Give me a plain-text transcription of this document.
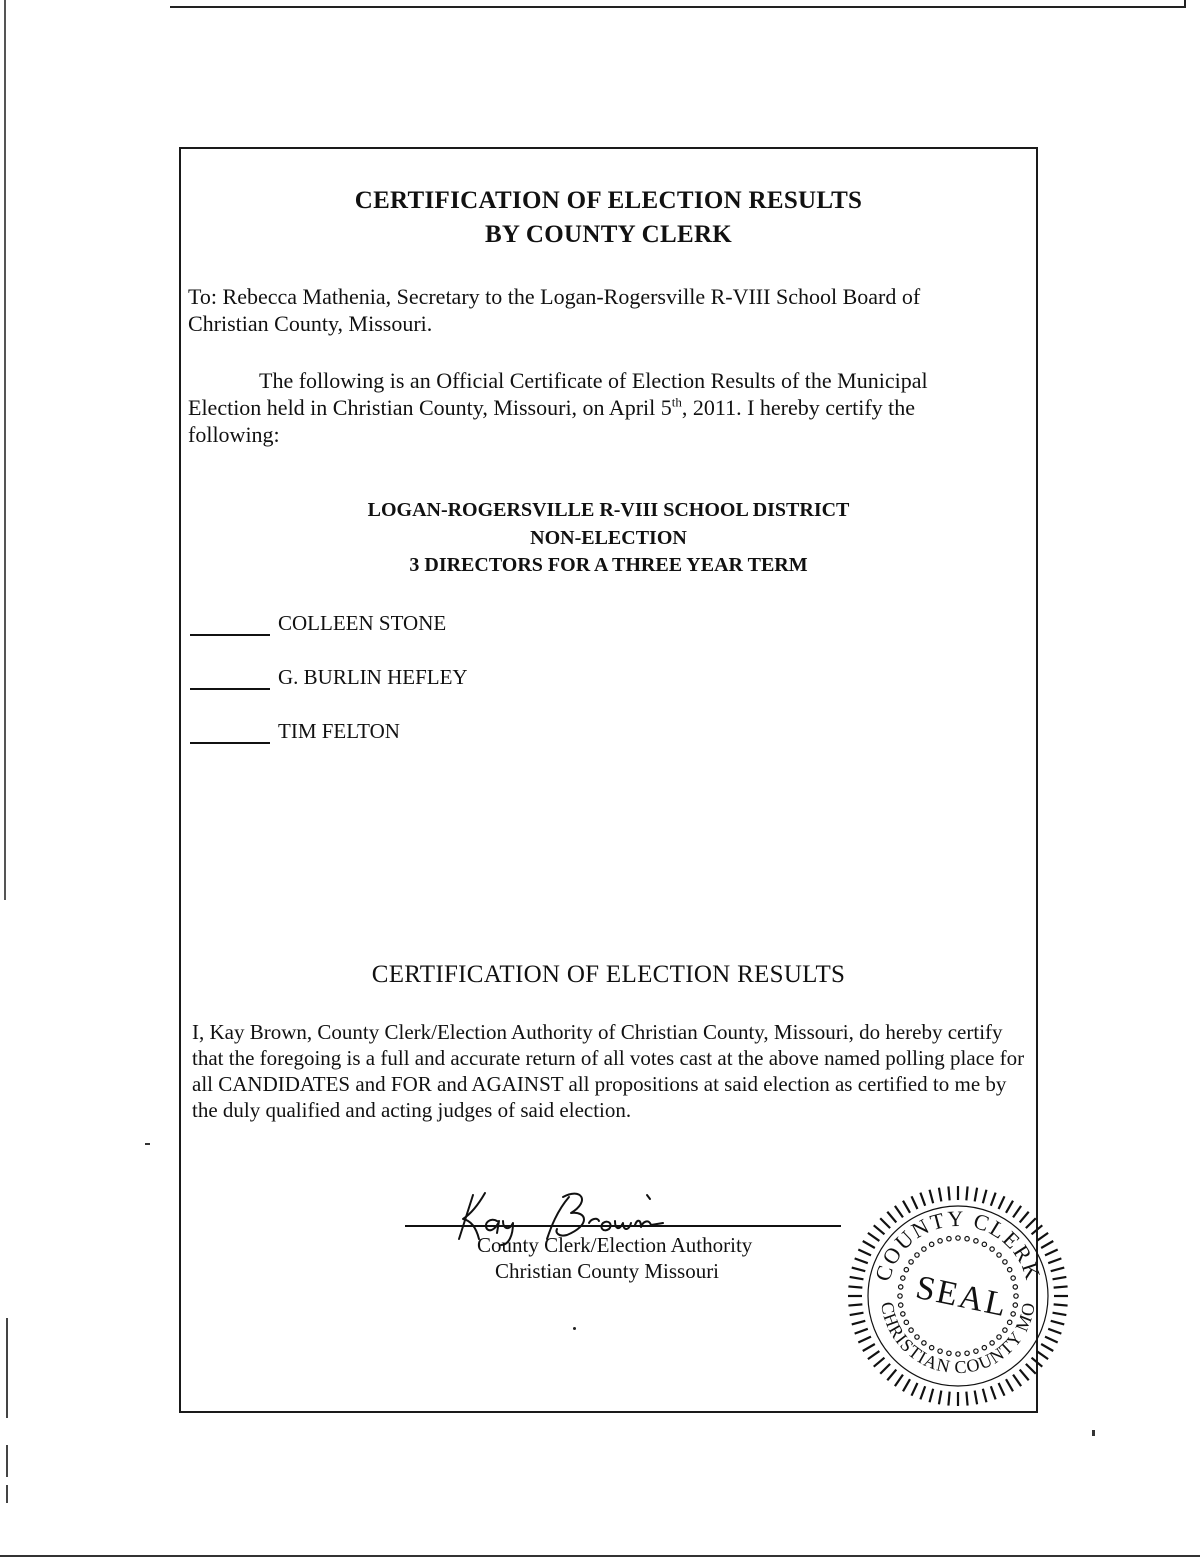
CERTIFICATION OF ELECTION RESULTS
BY COUNTY CLERK
To: Rebecca Mathenia, Secretary to the Logan-Rogersville R-VIII School Board of Christian County, Missouri.
The following is an Official Certificate of Election Results of the Municipal Election held in Christian County, Missouri, on April 5th, 2011. I hereby certify the following:
LOGAN-ROGERSVILLE R-VIII SCHOOL DISTRICT
NON-ELECTION
3 DIRECTORS FOR A THREE YEAR TERM
COLLEEN STONE
G. BURLIN HEFLEY
TIM FELTON
CERTIFICATION OF ELECTION RESULTS
I, Kay Brown, County Clerk/Election Authority of Christian County, Missouri, do hereby certify that the foregoing is a full and accurate return of all votes cast at the above named polling place for all CANDIDATES and FOR and AGAINST all propositions at said election as certified to me by the duly qualified and acting judges of said election.
County Clerk/Election Authority
Christian County Missouri	COUNTY CLERK
CHRISTIAN COUNTY MO
SEAL
